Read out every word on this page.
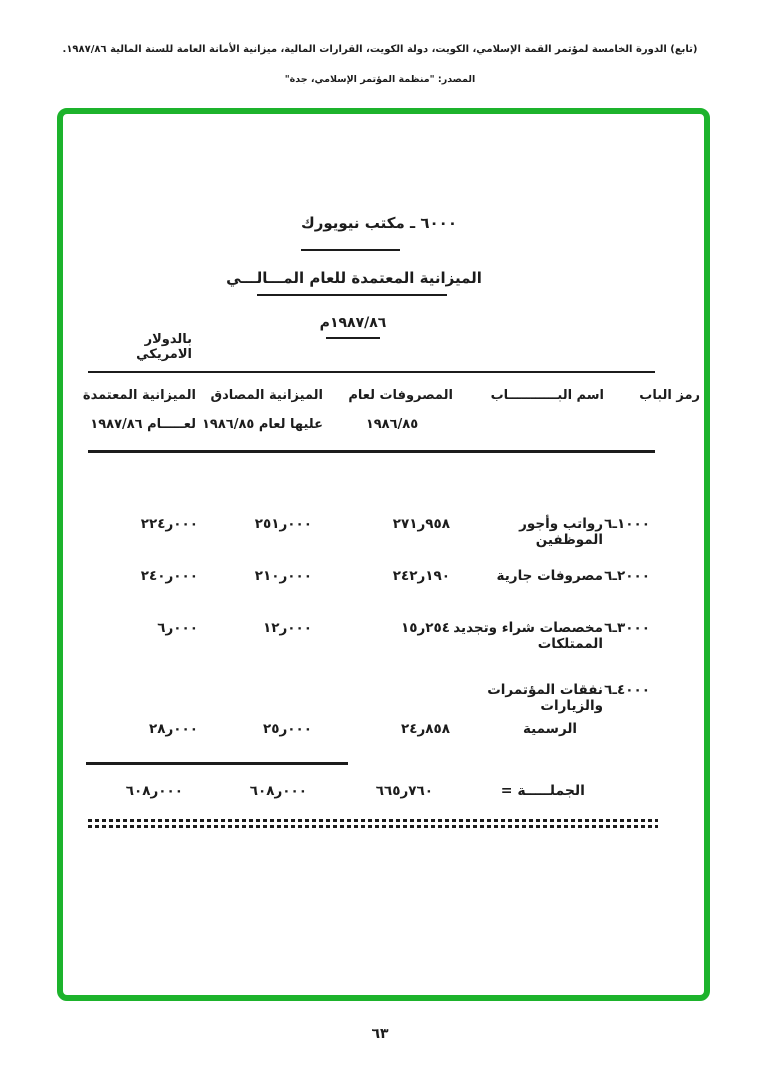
(تابع) الدورة الخامسة لمؤتمر القمة الإسلامي، الكويت، دولة الكويت، القرارات المالية، ميزانية الأمانة العامة للسنة المالية ١٩٨٧/٨٦.
المصدر: "منظمة المؤتمر الإسلامي، جدة"
٦٠٠٠ ـ مكتب نيويورك
الميزانية المعتمدة للعام المـــالـــي
١٩٨٧/٨٦م
بالدولار الامريكي
رمز الباب
اسم البـــــــــــاب
المصروفات لعام
١٩٨٦/٨٥
الميزانية المصادق
عليها لعام ١٩٨٦/٨٥
الميزانية المعتمدة
لعـــــام ١٩٨٧/٨٦
٦ـ١٠٠٠
رواتب وأجور الموظفين
٢٧١ر٩٥٨
٢٥١ر٠٠٠
٢٢٤ر٠٠٠
٦ـ٢٠٠٠
مصروفات جارية
٢٤٢ر١٩٠
٢١٠ر٠٠٠
٢٤٠ر٠٠٠
٦ـ٣٠٠٠
مخصصات شراء وتجديد الممتلكات
١٥ر٢٥٤
١٢ر٠٠٠
٦ر٠٠٠
٦ـ٤٠٠٠
نفقات المؤتمرات والزيارات
الرسمية
٢٤ر٨٥٨
٢٥ر٠٠٠
٢٨ر٠٠٠
الجملـــــة =
٦٦٥ر٧٦٠
٦٠٨ر٠٠٠
٦٠٨ر٠٠٠
٦٣
